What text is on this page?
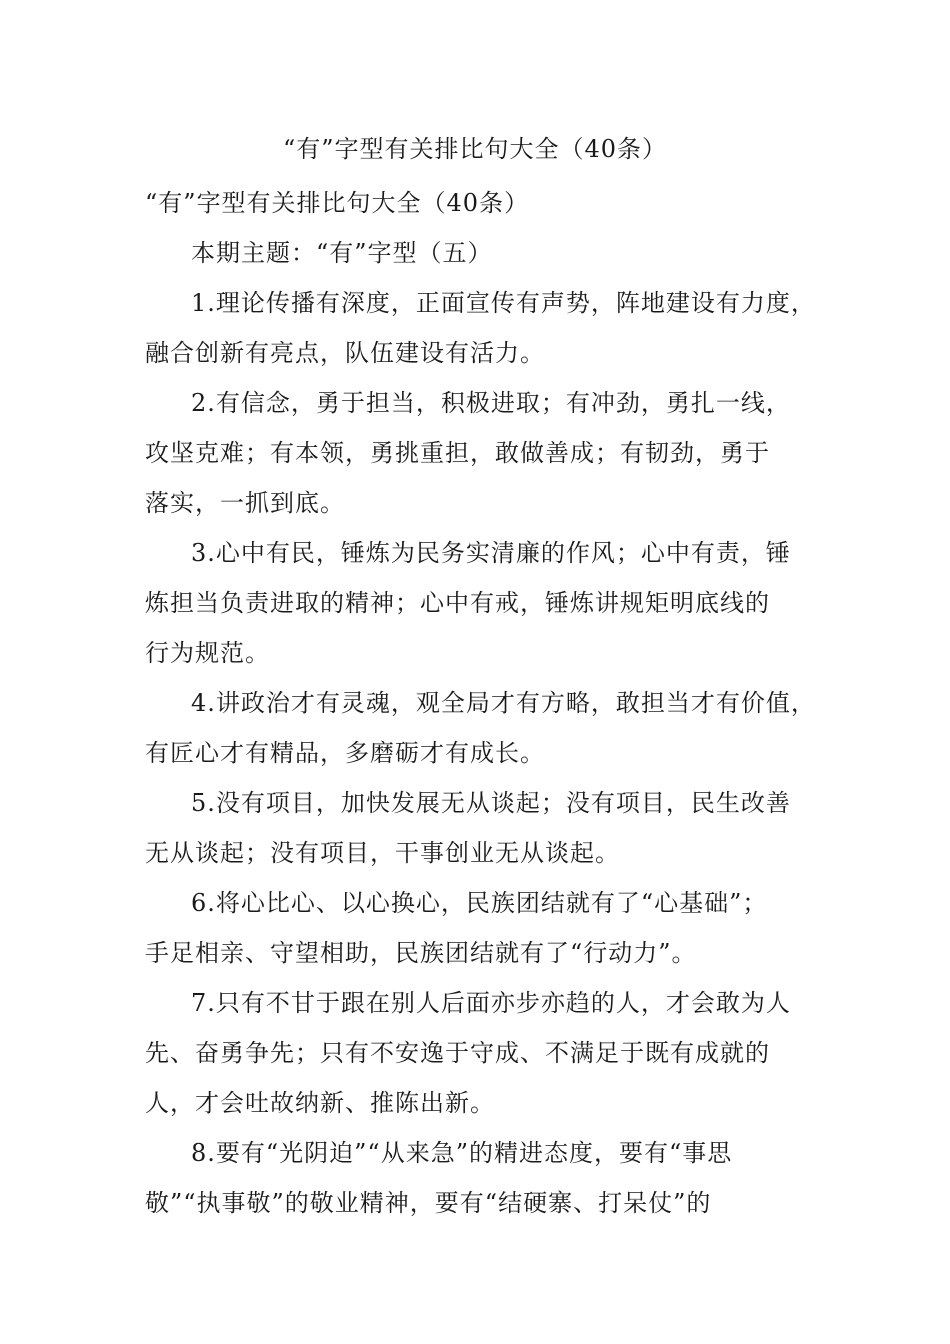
“有”字型有关排比句大全（40条）
“有”字型有关排比句大全（40条）
本期主题：“有”字型（五）
1.理论传播有深度，正面宣传有声势，阵地建设有力度，
融合创新有亮点，队伍建设有活力。
2.有信念，勇于担当，积极进取；有冲劲，勇扎一线，
攻坚克难；有本领，勇挑重担，敢做善成；有韧劲，勇于
落实，一抓到底。
3.心中有民，锤炼为民务实清廉的作风；心中有责，锤
炼担当负责进取的精神；心中有戒，锤炼讲规矩明底线的
行为规范。
4.讲政治才有灵魂，观全局才有方略，敢担当才有价值，
有匠心才有精品，多磨砺才有成长。
5.没有项目，加快发展无从谈起；没有项目，民生改善
无从谈起；没有项目，干事创业无从谈起。
6.将心比心、以心换心，民族团结就有了“心基础”；
手足相亲、守望相助，民族团结就有了“行动力”。
7.只有不甘于跟在别人后面亦步亦趋的人，才会敢为人
先、奋勇争先；只有不安逸于守成、不满足于既有成就的
人，才会吐故纳新、推陈出新。
8.要有“光阴迫”“从来急”的精进态度，要有“事思
敬”“执事敬”的敬业精神，要有“结硬寨、打呆仗”的
